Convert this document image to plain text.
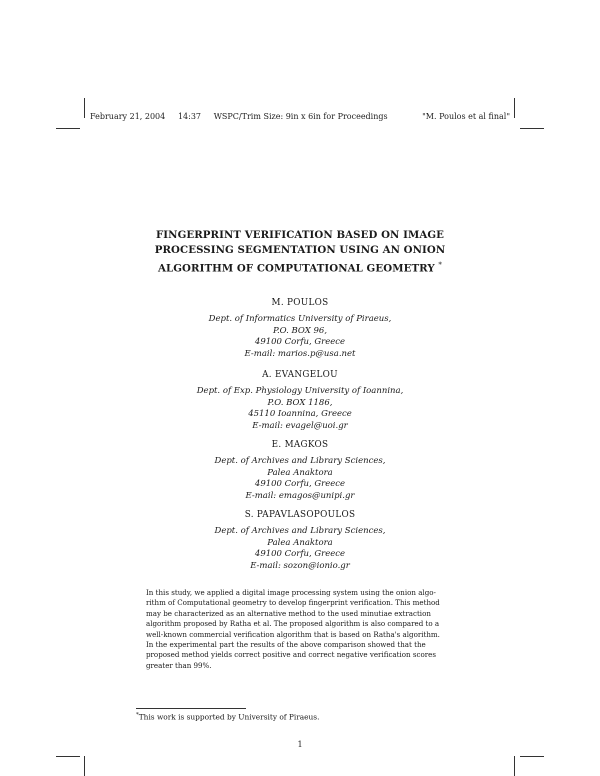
February 21, 2004     14:37     WSPC/Trim Size: 9in x 6in for Proceedings	"M. Poulos et al final"
FINGERPRINT VERIFICATION BASED ON IMAGE
PROCESSING SEGMENTATION USING AN ONION
ALGORITHM OF COMPUTATIONAL GEOMETRY *
M. POULOS
Dept. of Informatics University of Piraeus,
P.O. BOX 96,
49100 Corfu, Greece
E-mail: marios.p@usa.net
A. EVANGELOU
Dept. of Exp. Physiology University of Ioannina,
P.O. BOX 1186,
45110 Ioannina, Greece
E-mail: evagel@uoi.gr
E. MAGKOS
Dept. of Archives and Library Sciences,
Palea Anaktora
49100 Corfu, Greece
E-mail: emagos@unipi.gr
S. PAPAVLASOPOULOS
Dept. of Archives and Library Sciences,
Palea Anaktora
49100 Corfu, Greece
E-mail: sozon@ionio.gr
In this study, we applied a digital image processing system using the onion algo-
rithm of Computational geometry to develop fingerprint verification. This method
may be characterized as an alternative method to the used minutiae extraction
algorithm proposed by Ratha et al. The proposed algorithm is also compared to a
well-known commercial verification algorithm that is based on Ratha's algorithm.
In the experimental part the results of the above comparison showed that the
proposed method yields correct positive and correct negative verification scores
greater than 99%.
*This work is supported by University of Piraeus.
1
